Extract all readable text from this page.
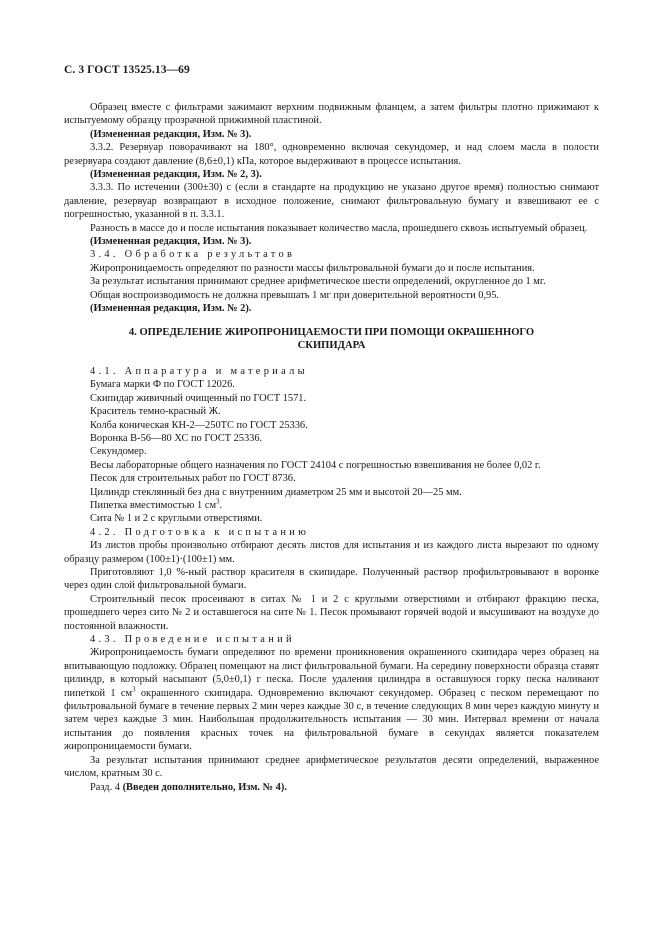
С. 3 ГОСТ 13525.13—69

Образец вместе с фильтрами зажимают верхним подвижным фланцем, а затем фильтры плотно прижимают к испытуемому образцу прозрачной прижимной пластиной.

(Измененная редакция, Изм. № 3).

3.3.2. Резервуар поворачивают на 180°, одновременно включая секундомер, и над слоем масла в полости резервуара создают давление (8,6±0,1) кПа, которое выдерживают в процессе испытания.

(Измененная редакция, Изм. № 2, 3).

3.3.3. По истечении (300±30) с (если в стандарте на продукцию не указано другое время) полностью снимают давление, резервуар возвращают в исходное положение, снимают фильтровальную бумагу и взвешивают ее с погрешностью, указанной в п. 3.3.1.

Разность в массе до и после испытания показывает количество масла, прошедшего сквозь испытуемый образец.

(Измененная редакция, Изм. № 3).

3.4. Обработка результатов

Жиропроницаемость определяют по разности массы фильтровальной бумаги до и после испытания.

За результат испытания принимают среднее арифметическое шести определений, округленное до 1 мг.

Общая воспроизводимость не должна превышать 1 мг при доверительной вероятности 0,95.

(Измененная редакция, Изм. № 2).

4. ОПРЕДЕЛЕНИЕ ЖИРОПРОНИЦАЕМОСТИ ПРИ ПОМОЩИ ОКРАШЕННОГО СКИПИДАРА

4.1. Аппаратура и материалы

Бумага марки Ф по ГОСТ 12026.

Скипидар живичный очищенный по ГОСТ 1571.

Краситель темно-красный Ж.

Колба коническая КН-2—250ТС по ГОСТ 25336.

Воронка В-56—80 ХС по ГОСТ 25336.

Секундомер.

Весы лабораторные общего назначения по ГОСТ 24104 с погрешностью взвешивания не более 0,02 г.

Песок для строительных работ по ГОСТ 8736.

Цилиндр стеклянный без дна с внутренним диаметром 25 мм и высотой 20—25 мм.

Пипетка вместимостью 1 $см^3$.

Сита № 1 и 2 с круглыми отверстиями.

4.2. Подготовка к испытанию

Из листов пробы произвольно отбирают десять листов для испытания и из каждого листа вырезают по одному образцу размером (100±1)·(100±1) мм.

Приготовляют 1,0 %-ный раствор красителя в скипидаре. Полученный раствор профильтровывают в воронке через один слой фильтровальной бумаги.

Строительный песок просеивают в ситах № 1 и 2 с круглыми отверстиями и отбирают фракцию песка, прошедшего через сито № 2 и оставшегося на сите № 1. Песок промывают горячей водой и высушивают на воздухе до постоянной влажности.

4.3. Проведение испытаний

Жиропроницаемость бумаги определяют по времени проникновения окрашенного скипидара через образец на впитывающую подложку. Образец помещают на лист фильтровальной бумаги. На середину поверхности образца ставят цилиндр, в который насыпают (5,0±0,1) г песка. После удаления цилиндра в оставшуюся горку песка наливают пипеткой 1 $см^3$ окрашенного скипидара. Одновременно включают секундомер. Образец с песком перемещают по фильтровальной бумаге в течение первых 2 мин через каждые 30 с, в течение следующих 8 мин через каждую минуту и затем через каждые 3 мин. Наибольшая продолжительность испытания — 30 мин. Интервал времени от начала испытания до появления красных точек на фильтровальной бумаге в секундах является показателем жиропроницаемости бумаги.

За результат испытания принимают среднее арифметическое результатов десяти определений, выраженное числом, кратным 30 с.

Разд. 4 (Введен дополнительно, Изм. № 4).
